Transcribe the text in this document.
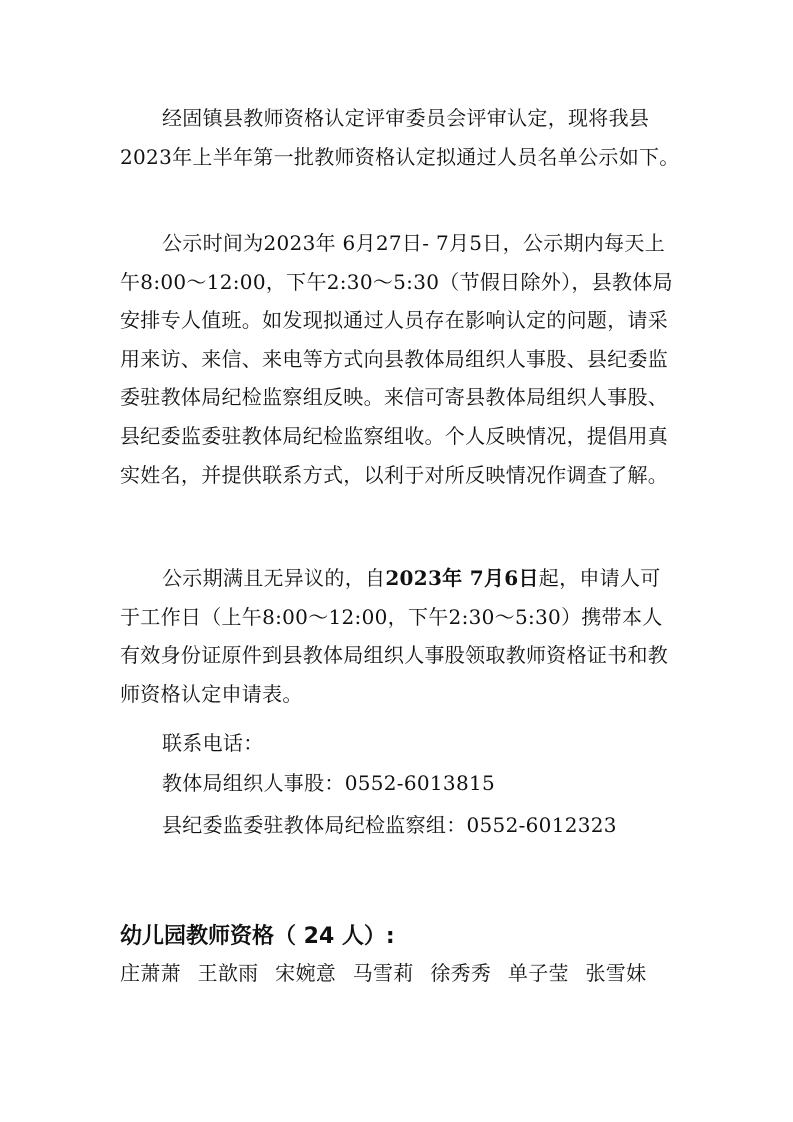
经固镇县教师资格认定评审委员会评审认定，现将我县2023年上半年第一批教师资格认定拟通过人员名单公示如下。
公示时间为2023年 6月27日- 7月5日，公示期内每天上午8:00～12:00，下午2:30～5:30（节假日除外），县教体局安排专人值班。如发现拟通过人员存在影响认定的问题，请采用来访、来信、来电等方式向县教体局组织人事股、县纪委监委驻教体局纪检监察组反映。来信可寄县教体局组织人事股、县纪委监委驻教体局纪检监察组收。个人反映情况，提倡用真实姓名，并提供联系方式，以利于对所反映情况作调查了解。
公示期满且无异议的，自2023年 7月6日起，申请人可于工作日（上午8:00～12:00，下午2:30～5:30）携带本人有效身份证原件到县教体局组织人事股领取教师资格证书和教师资格认定申请表。
联系电话：
教体局组织人事股：0552-6013815
县纪委监委驻教体局纪检监察组：0552-6012323
幼儿园教师资格（ 24 人）:
庄萧萧 王歆雨 宋婉意 马雪莉 徐秀秀 单子莹 张雪妹
